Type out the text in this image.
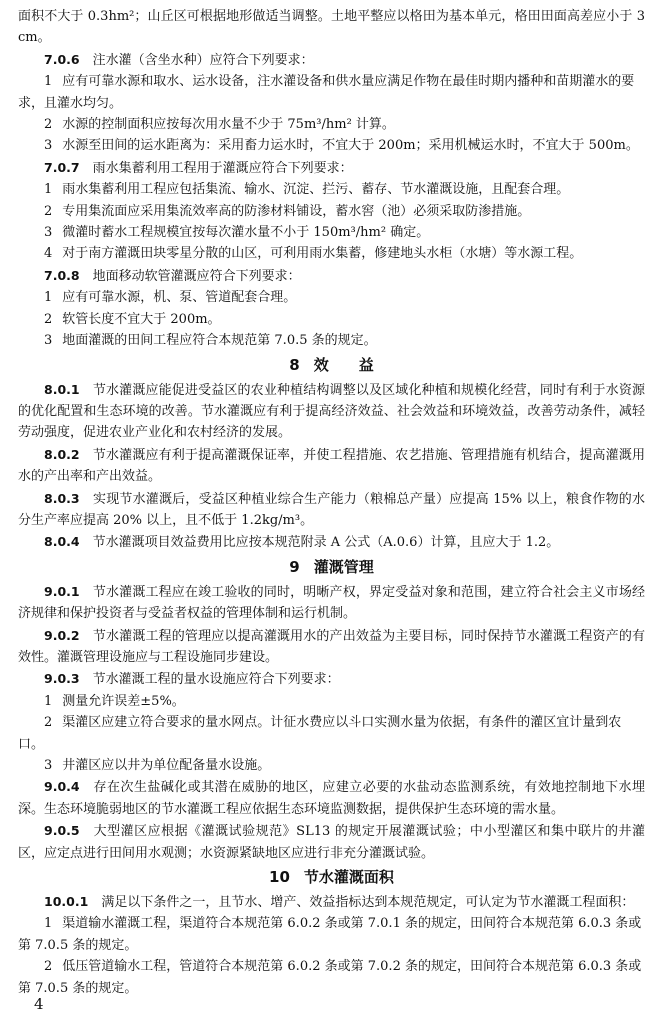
面积不大于 0.3hm²；山丘区可根据地形做适当调整。土地平整应以格田为基本单元，格田田面高差应小于 3cm。

7.0.6　 注水灌（含坐水种）应符合下列要求：

1 应有可靠水源和取水、运水设备，注水灌设备和供水量应满足作物在最佳时期内播种和苗期灌水的要求，且灌水均匀。

2 水源的控制面积应按每次用水量不少于 75m³/hm² 计算。

3 水源至田间的运水距离为：采用畜力运水时，不宜大于 200m；采用机械运水时，不宜大于 500m。

7.0.7　 雨水集蓄利用工程用于灌溉应符合下列要求：

1 雨水集蓄利用工程应包括集流、输水、沉淀、拦污、蓄存、节水灌溉设施，且配套合理。

2 专用集流面应采用集流效率高的防渗材料铺设，蓄水窖（池）必须采取防渗措施。

3 微灌时蓄水工程规模宜按每次灌水量不小于 150m³/hm² 确定。

4 对于南方灌溉田块零星分散的山区，可利用雨水集蓄，修建地头水柜（水塘）等水源工程。

7.0.8　 地面移动软管灌溉应符合下列要求：

1 应有可靠水源，机、泵、管道配套合理。

2 软管长度不宜大于 200m。

3 地面灌溉的田间工程应符合本规范第 7.0.5 条的规定。

8 效　　益

8.0.1　 节水灌溉应能促进受益区的农业种植结构调整以及区域化种植和规模化经营，同时有利于水资源的优化配置和生态环境的改善。节水灌溉应有利于提高经济效益、社会效益和环境效益，改善劳动条件，减轻劳动强度，促进农业产业化和农村经济的发展。

8.0.2　 节水灌溉应有利于提高灌溉保证率，并使工程措施、农艺措施、管理措施有机结合，提高灌溉用水的产出率和产出效益。

8.0.3　 实现节水灌溉后，受益区种植业综合生产能力（粮棉总产量）应提高 15% 以上，粮食作物的水分生产率应提高 20% 以上，且不低于 1.2kg/m³。

8.0.4　 节水灌溉项目效益费用比应按本规范附录 A 公式（A.0.6）计算，且应大于 1.2。

9 灌溉管理

9.0.1　 节水灌溉工程应在竣工验收的同时，明晰产权，界定受益对象和范围，建立符合社会主义市场经济规律和保护投资者与受益者权益的管理体制和运行机制。

9.0.2　 节水灌溉工程的管理应以提高灌溉用水的产出效益为主要目标，同时保持节水灌溉工程资产的有效性。灌溉管理设施应与工程设施同步建设。

9.0.3　 节水灌溉工程的量水设施应符合下列要求：

1 测量允许误差±5%。

2 渠灌区应建立符合要求的量水网点。计征水费应以斗口实测水量为依据，有条件的灌区宜计量到农口。

3 井灌区应以井为单位配备量水设施。

9.0.4　 存在次生盐碱化或其潜在威胁的地区，应建立必要的水盐动态监测系统，有效地控制地下水埋深。生态环境脆弱地区的节水灌溉工程应依据生态环境监测数据，提供保护生态环境的需水量。

9.0.5　 大型灌区应根据《灌溉试验规范》SL13 的规定开展灌溉试验；中小型灌区和集中联片的井灌区，应定点进行田间用水观测；水资源紧缺地区应进行非充分灌溉试验。

10 节水灌溉面积

10.0.1　 满足以下条件之一，且节水、增产、效益指标达到本规范规定，可认定为节水灌溉工程面积：

1 渠道输水灌溉工程，渠道符合本规范第 6.0.2 条或第 7.0.1 条的规定，田间符合本规范第 6.0.3 条或第 7.0.5 条的规定。

2 低压管道输水工程，管道符合本规范第 6.0.2 条或第 7.0.2 条的规定，田间符合本规范第 6.0.3 条或第 7.0.5 条的规定。

4
